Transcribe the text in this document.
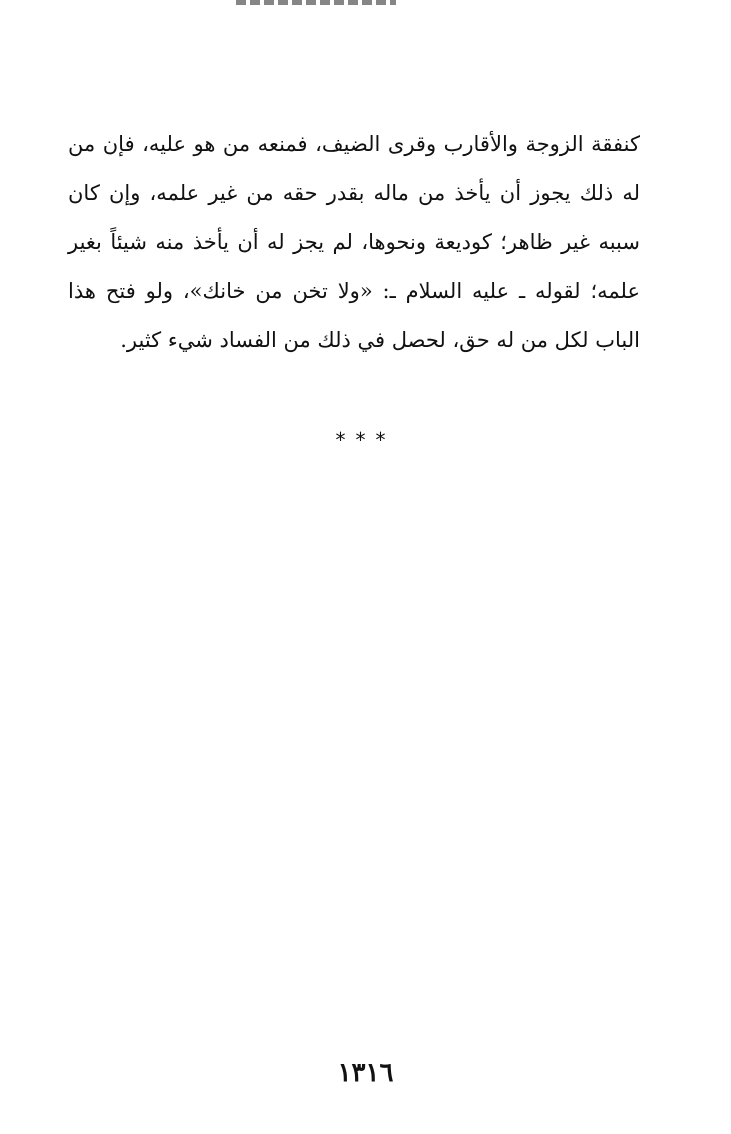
كنفقة الزوجة والأقارب وقرى الضيف، فمنعه من هو عليه، فإن من
له ذلك يجوز أن يأخذ من ماله بقدر حقه من غير علمه، وإن كان
سببه غير ظاهر؛ كوديعة ونحوها، لم يجز له أن يأخذ منه شيئاً بغير
علمه؛ لقوله ـ عليه السلام ـ: «ولا تخن من خانك»، ولو فتح هذا
الباب لكل من له حق، لحصل في ذلك من الفساد شيء كثير.
***
١٣١٦
